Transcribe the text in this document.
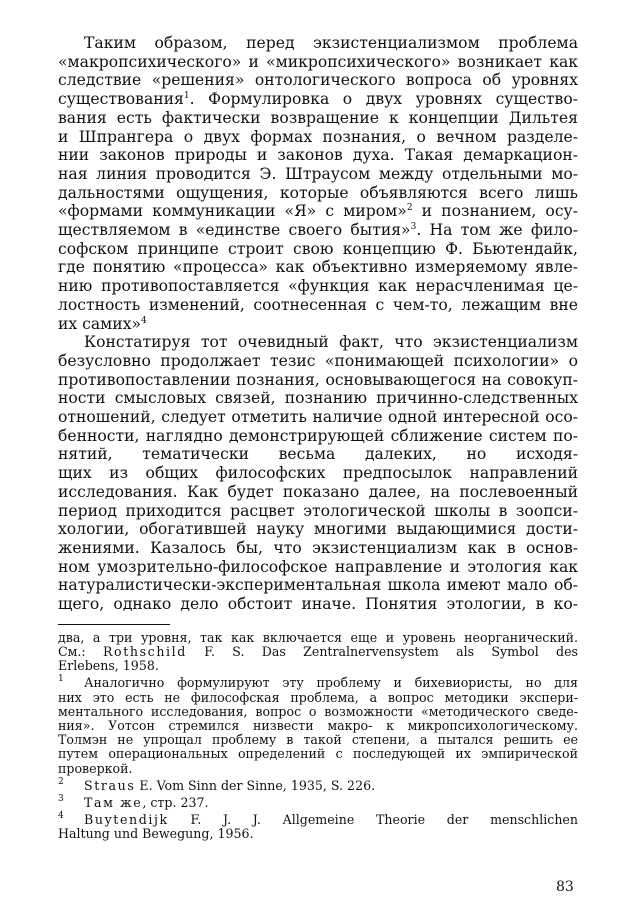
Таким образом, перед экзистенциализмом проблема
«макропсихического» и «микропсихического» возникает как
следствие «решения» онтологического вопроса об уровнях
существования$^1$. Формулировка о двух уровнях существо-
вания есть фактически возвращение к концепции Дильтея
и Шпрангера о двух формах познания, о вечном разделе-
нии законов природы и законов духа. Такая демаркацион-
ная линия проводится Э. Штраусом между отдельными мо-
дальностями ощущения, которые объявляются всего лишь
«формами коммуникации «Я» с миром»$^2$ и познанием, осу-
ществляемом в «единстве своего бытия»$^3$. На том же фило-
софском принципе строит свою концепцию Ф. Бьютендайк,
где понятию «процесса» как объективно измеряемому явле-
нию противопоставляется «функция как нерасчленимая це-
лостность изменений, соотнесенная с чем-то, лежащим вне
их самих»$^4$

Констатируя тот очевидный факт, что экзистенциализм
безусловно продолжает тезис «понимающей психологии» о
противопоставлении познания, основывающегося на совокуп-
ности смысловых связей, познанию причинно-следственных
отношений, следует отметить наличие одной интересной осо-
бенности, наглядно демонстрирующей сближение систем по-
нятий, тематически весьма далеких, но исходя-
щих из общих философских предпосылок направлений
исследования. Как будет показано далее, на послевоенный
период приходится расцвет этологической школы в зоопси-
хологии, обогатившей науку многими выдающимися дости-
жениями. Казалось бы, что экзистенциализм как в основ-
ном умозрительно-философское направление и этология как
натуралистически-экспериментальная школа имеют мало об-
щего, однако дело обстоит иначе. Понятия этологии, в ко-

два, а три уровня, так как включается еще и уровень неорганический.
См.: Rothschild F. S. Das Zentralnervensystem als Symbol des
Erlebens, 1958.
$^1$ Аналогично формулируют эту проблему и бихевиористы, но для
них это есть не философская проблема, а вопрос методики экспери-
ментального исследования, вопрос о возможности «методического сведе-
ния». Уотсон стремился низвести макро- к микропсихологическому.
Толмэн не упрощал проблему в такой степени, а пытался решить ее
путем операциональных определений с последующей их эмпирической
проверкой.
$^2$ Straus E. Vom Sinn der Sinne, 1935, S. 226.
$^3$ Там же, стр. 237.
$^4$ Buytendijk F. J. J. Allgemeine Theorie der menschlichen
Haltung und Bewegung, 1956.
83
